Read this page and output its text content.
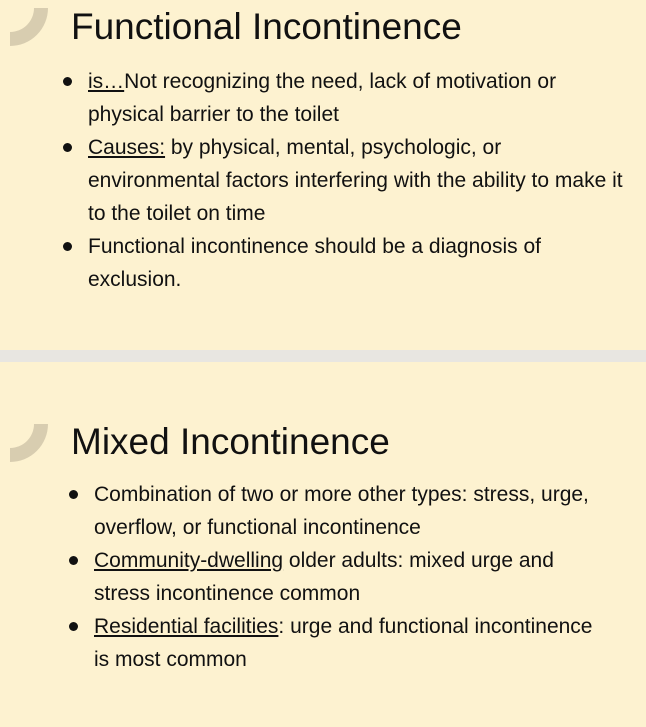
Functional Incontinence
is…Not recognizing the need, lack of motivation or physical barrier to the toilet
Causes: by physical, mental, psychologic, or environmental factors interfering with the ability to make it to the toilet on time
Functional incontinence should be a diagnosis of exclusion.
Mixed Incontinence
Combination of two or more other types: stress, urge, overflow, or functional incontinence
Community-dwelling older adults: mixed urge and stress incontinence common
Residential facilities: urge and functional incontinence is most common
